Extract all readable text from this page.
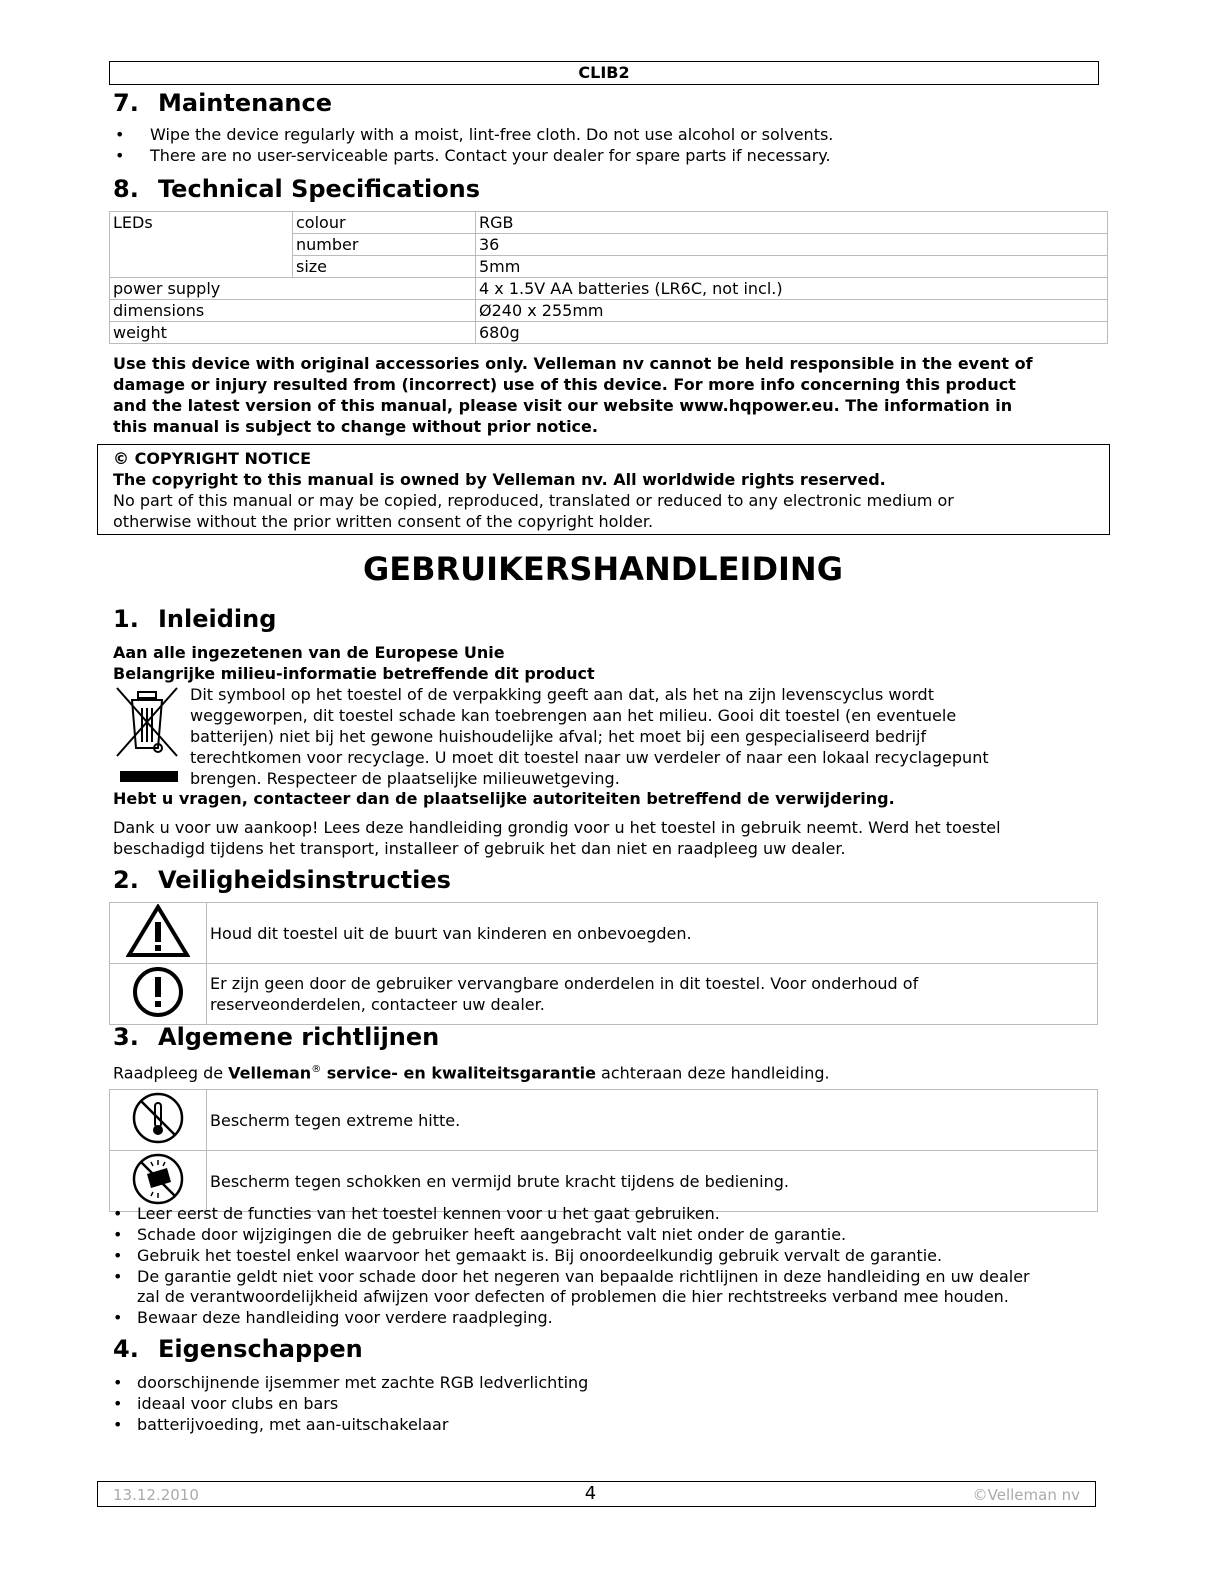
CLIB2
7. Maintenance
• Wipe the device regularly with a moist, lint-free cloth. Do not use alcohol or solvents.
• There are no user-serviceable parts. Contact your dealer for spare parts if necessary.
8. Technical Specifications
LEDs	colour	RGB
	number	36
	size	5mm
power supply		4 x 1.5V AA batteries (LR6C, not incl.)
dimensions		Ø240 x 255mm
weight		680g
Use this device with original accessories only. Velleman nv cannot be held responsible in the event of
damage or injury resulted from (incorrect) use of this device. For more info concerning this product
and the latest version of this manual, please visit our website www.hqpower.eu. The information in
this manual is subject to change without prior notice.
© COPYRIGHT NOTICE
The copyright to this manual is owned by Velleman nv. All worldwide rights reserved.
No part of this manual or may be copied, reproduced, translated or reduced to any electronic medium or
otherwise without the prior written consent of the copyright holder.
GEBRUIKERSHANDLEIDING
1. Inleiding
Aan alle ingezetenen van de Europese Unie
Belangrijke milieu-informatie betreffende dit product
Dit symbool op het toestel of de verpakking geeft aan dat, als het na zijn levenscyclus wordt
weggeworpen, dit toestel schade kan toebrengen aan het milieu. Gooi dit toestel (en eventuele
batterijen) niet bij het gewone huishoudelijke afval; het moet bij een gespecialiseerd bedrijf
terechtkomen voor recyclage. U moet dit toestel naar uw verdeler of naar een lokaal recyclagepunt
brengen. Respecteer de plaatselijke milieuwetgeving.
Hebt u vragen, contacteer dan de plaatselijke autoriteiten betreffend de verwijdering.
Dank u voor uw aankoop! Lees deze handleiding grondig voor u het toestel in gebruik neemt. Werd het toestel
beschadigd tijdens het transport, installeer of gebruik het dan niet en raadpleeg uw dealer.
2. Veiligheidsinstructies
	Houd dit toestel uit de buurt van kinderen en onbevoegden.

Er zijn geen door de gebruiker vervangbare onderdelen in dit toestel. Voor onderhoud of
reserveonderdelen, contacteer uw dealer.
3. Algemene richtlijnen
Raadpleeg de Velleman® service- en kwaliteitsgarantie achteraan deze handleiding.
	Bescherm tegen extreme hitte.
	Bescherm tegen schokken en vermijd brute kracht tijdens de bediening.
• Leer eerst de functies van het toestel kennen voor u het gaat gebruiken.
• Schade door wijzigingen die de gebruiker heeft aangebracht valt niet onder de garantie.
• Gebruik het toestel enkel waarvoor het gemaakt is. Bij onoordeelkundig gebruik vervalt de garantie.
• De garantie geldt niet voor schade door het negeren van bepaalde richtlijnen in deze handleiding en uw dealer
zal de verantwoordelijkheid afwijzen voor defecten of problemen die hier rechtstreeks verband mee houden.
• Bewaar deze handleiding voor verdere raadpleging.
4. Eigenschappen
• doorschijnende ijsemmer met zachte RGB ledverlichting
• ideaal voor clubs en bars
• batterijvoeding, met aan-uitschakelaar
13.12.2010	4	©Velleman nv
